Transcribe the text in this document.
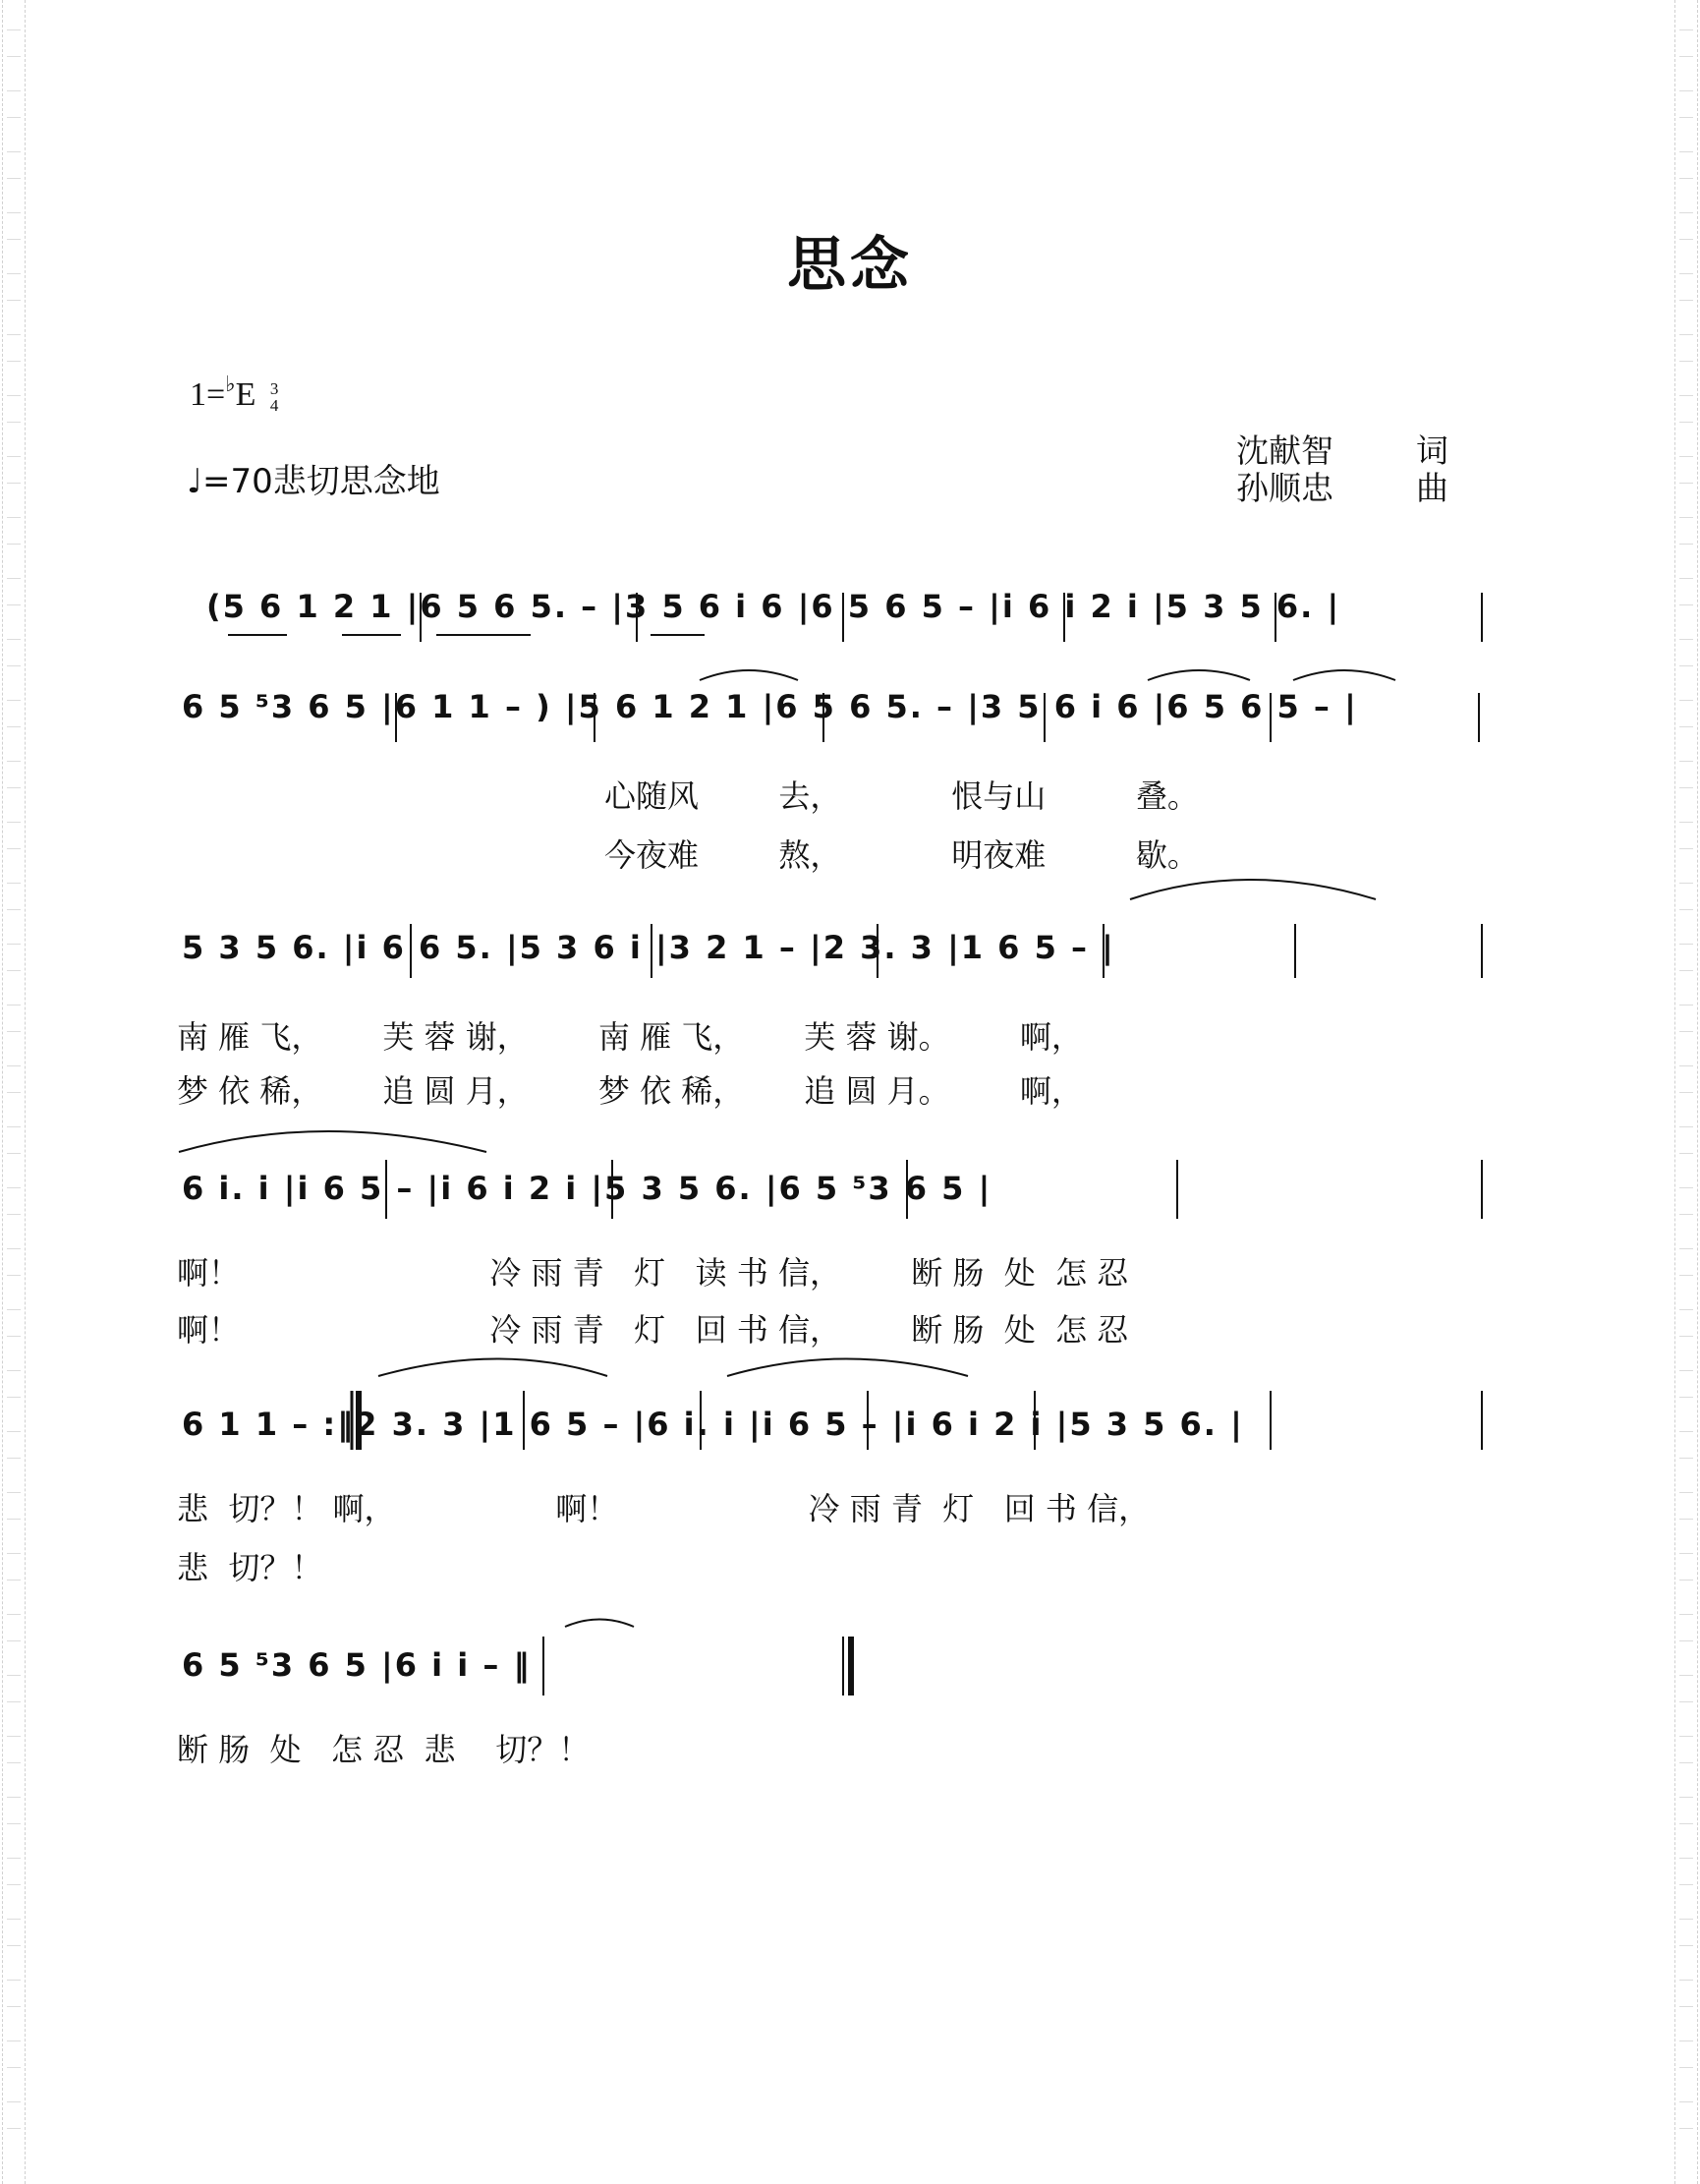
思念
1=♭E 3
4
♩=70悲切思念地
沈献智	词
孙顺忠	曲
(5 6 1 2 1 |6 5 6 5. – |3 5 6 i 6 |6 5 6 5 – |i 6 i 2 i |5 3 5 6. |
6 5 ⁵3 6 5 |6 1 1 – ) |5 6 1 2 1 |6 5 6 5. – |3 5 6 i 6 |6 5 6 5 – |
心随风        去，           恨与山         叠。
今夜难        熬，           明夜难         歇。
5 3 5 6. |i 6 6 5. |5 3 6 i |3 2 1 – |2 3. 3 |1 6 5 – |
南 雁 飞，      芙 蓉 谢，       南 雁 飞，      芙 蓉 谢。       啊，
梦 依 稀，      追 圆 月，       梦 依 稀，      追 圆 月。       啊，
6 i. i |i 6 5 – |i 6 i 2 i |5 3 5 6. |6 5 ⁵3 6 5 |
啊！                         冷 雨 青   灯   读 书 信，       断 肠  处  怎 忍
啊！                         冷 雨 青   灯   回 书 信，       断 肠  处  怎 忍
6 1 1 – :‖2 3. 3 |1 6 5 – |6 i. i |i 6 5 – |i 6 i 2 i |5 3 5 6. |
悲  切？！ 啊，                啊！                   冷 雨 青  灯   回 书 信，
悲  切？！
6 5 ⁵3 6 5 |6 i i – ‖
断 肠  处   怎 忍  悲    切？！
